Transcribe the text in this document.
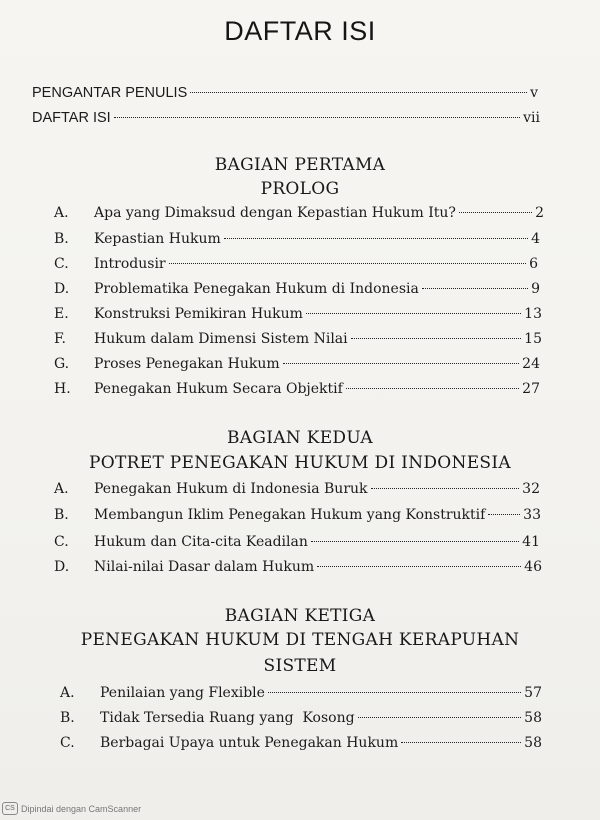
DAFTAR ISI
PENGANTAR PENULIS	v
DAFTAR ISI	vii
BAGIAN PERTAMA
PROLOG
A.	Apa yang Dimaksud dengan Kepastian Hukum Itu?	2
B.	Kepastian Hukum	4
C.	Introdusir	6
D.	Problematika Penegakan Hukum di Indonesia	9
E.	Konstruksi Pemikiran Hukum	13
F.	Hukum dalam Dimensi Sistem Nilai	15
G.	Proses Penegakan Hukum	24
H.	Penegakan Hukum Secara Objektif	27
BAGIAN KEDUA
POTRET PENEGAKAN HUKUM DI INDONESIA
A.	Penegakan Hukum di Indonesia Buruk	32
B.	Membangun Iklim Penegakan Hukum yang Konstruktif	33
C.	Hukum dan Cita-cita Keadilan	41
D.	Nilai-nilai Dasar dalam Hukum	46
BAGIAN KETIGA
PENEGAKAN HUKUM DI TENGAH KERAPUHAN
SISTEM
A.	Penilaian yang Flexible	57
B.	Tidak Tersedia Ruang yang  Kosong	58
C.	Berbagai Upaya untuk Penegakan Hukum	58
CS Dipindai dengan CamScanner
